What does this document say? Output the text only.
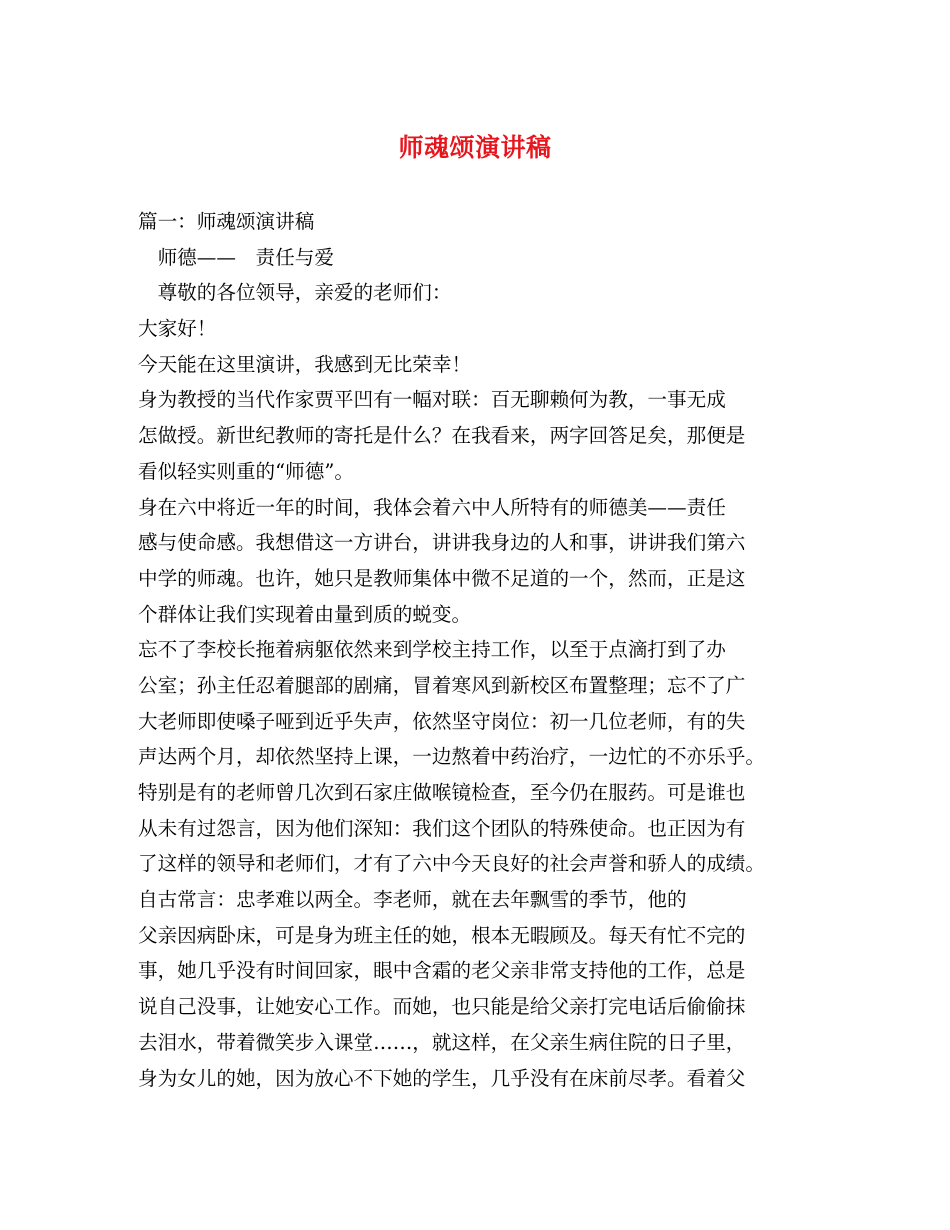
师魂颂演讲稿
篇一：师魂颂演讲稿
　师德——　责任与爱
　尊敬的各位领导，亲爱的老师们：
大家好！
今天能在这里演讲，我感到无比荣幸！
身为教授的当代作家贾平凹有一幅对联：百无聊赖何为教，一事无成
怎做授。新世纪教师的寄托是什么？在我看来，两字回答足矣，那便是
看似轻实则重的“师德”。
身在六中将近一年的时间，我体会着六中人所特有的师德美——责任
感与使命感。我想借这一方讲台，讲讲我身边的人和事，讲讲我们第六
中学的师魂。也许，她只是教师集体中微不足道的一个，然而，正是这
个群体让我们实现着由量到质的蜕变。
忘不了李校长拖着病躯依然来到学校主持工作，以至于点滴打到了办
公室；孙主任忍着腿部的剧痛，冒着寒风到新校区布置整理；忘不了广
大老师即使嗓子哑到近乎失声，依然坚守岗位：初一几位老师，有的失
声达两个月，却依然坚持上课，一边熬着中药治疗，一边忙的不亦乐乎。
特别是有的老师曾几次到石家庄做喉镜检查，至今仍在服药。可是谁也
从未有过怨言，因为他们深知：我们这个团队的特殊使命。也正因为有
了这样的领导和老师们，才有了六中今天良好的社会声誉和骄人的成绩。
自古常言：忠孝难以两全。李老师，就在去年飘雪的季节，他的
父亲因病卧床，可是身为班主任的她，根本无暇顾及。每天有忙不完的
事，她几乎没有时间回家，眼中含霜的老父亲非常支持他的工作，总是
说自己没事，让她安心工作。而她，也只能是给父亲打完电话后偷偷抹
去泪水，带着微笑步入课堂……，就这样，在父亲生病住院的日子里，
身为女儿的她，因为放心不下她的学生，几乎没有在床前尽孝。看着父
